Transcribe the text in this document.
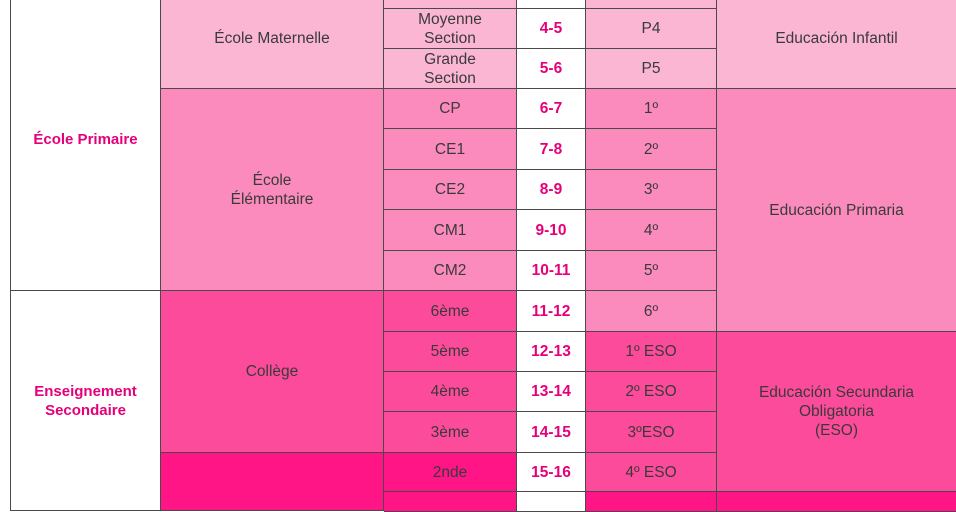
École Primaire
Enseignement
Secondaire
École Maternelle
École
Élémentaire
Collège
Moyenne
Section
Grande
Section
CP
CE1
CE2
CM1
CM2
6ème
5ème
4ème
3ème
2nde
4-5
5-6
6-7
7-8
8-9
9-10
10-11
11-12
12-13
13-14
14-15
15-16
P4
P5
1º
2º
3º
4º
5º
6º
1º ESO
2º ESO
3ºESO
4º ESO
Educación Infantil
Educación Primaria
Educación Secundaria
Obligatoria
(ESO)
